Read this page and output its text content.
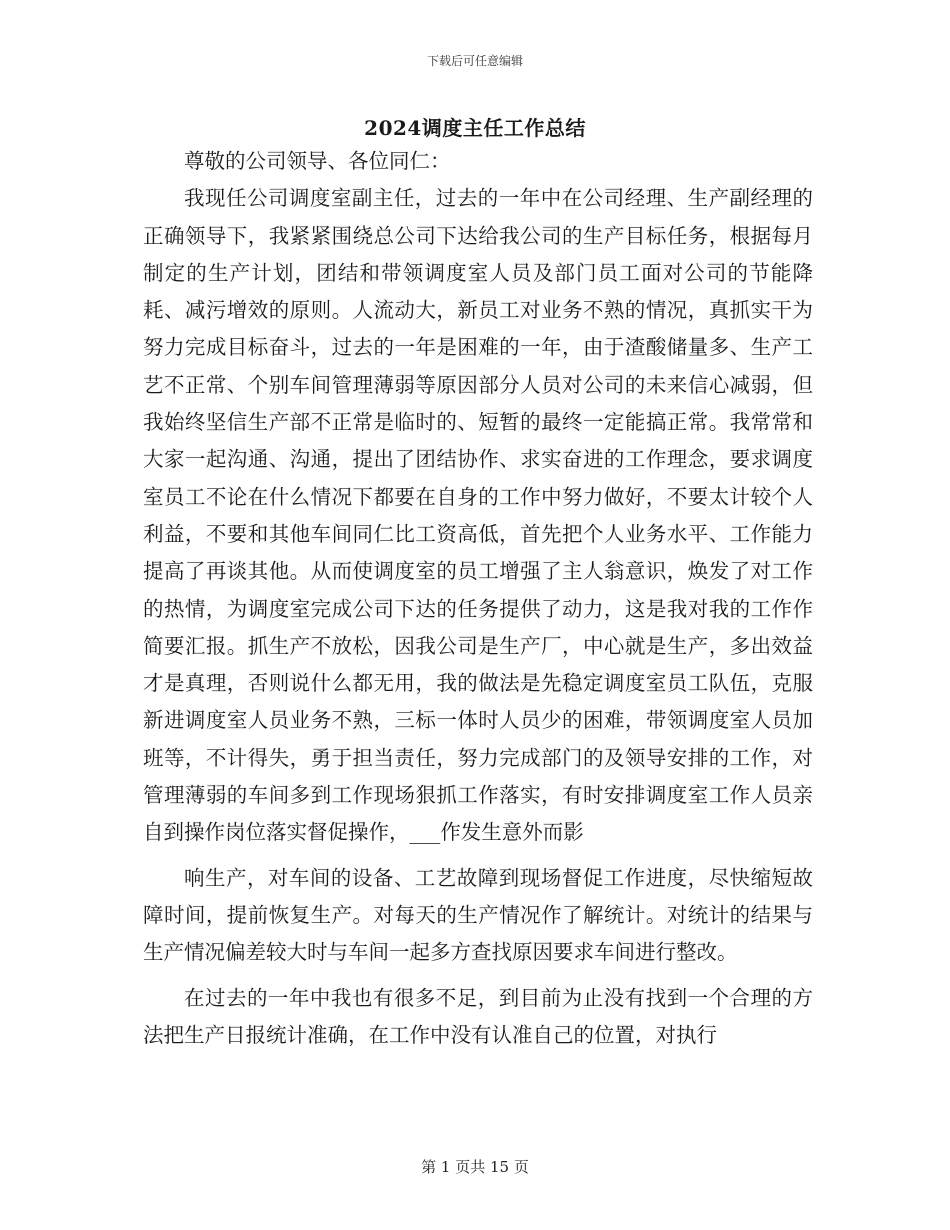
下载后可任意编辑
2024调度主任工作总结

尊敬的公司领导、各位同仁：

我现任公司调度室副主任，过去的一年中在公司经理、生产副经理的正确领导下，我紧紧围绕总公司下达给我公司的生产目标任务，根据每月制定的生产计划，团结和带领调度室人员及部门员工面对公司的节能降耗、减污增效的原则。人流动大，新员工对业务不熟的情况，真抓实干为努力完成目标奋斗，过去的一年是困难的一年，由于渣酸储量多、生产工艺不正常、个别车间管理薄弱等原因部分人员对公司的未来信心减弱，但我始终坚信生产部不正常是临时的、短暂的最终一定能搞正常。我常常和大家一起沟通、沟通，提出了团结协作、求实奋进的工作理念，要求调度室员工不论在什么情况下都要在自身的工作中努力做好，不要太计较个人利益，不要和其他车间同仁比工资高低，首先把个人业务水平、工作能力提高了再谈其他。从而使调度室的员工增强了主人翁意识，焕发了对工作的热情，为调度室完成公司下达的任务提供了动力，这是我对我的工作作简要汇报。抓生产不放松，因我公司是生产厂，中心就是生产，多出效益才是真理，否则说什么都无用，我的做法是先稳定调度室员工队伍，克服新进调度室人员业务不熟，三标一体时人员少的困难，带领调度室人员加班等，不计得失，勇于担当责任，努力完成部门的及领导安排的工作，对管理薄弱的车间多到工作现场狠抓工作落实，有时安排调度室工作人员亲自到操作岗位落实督促操作，___作发生意外而影

响生产，对车间的设备、工艺故障到现场督促工作进度，尽快缩短故障时间，提前恢复生产。对每天的生产情况作了解统计。对统计的结果与生产情况偏差较大时与车间一起多方查找原因要求车间进行整改。

在过去的一年中我也有很多不足，到目前为止没有找到一个合理的方法把生产日报统计准确，在工作中没有认准自己的位置，对执行

第 1 页共 15 页
